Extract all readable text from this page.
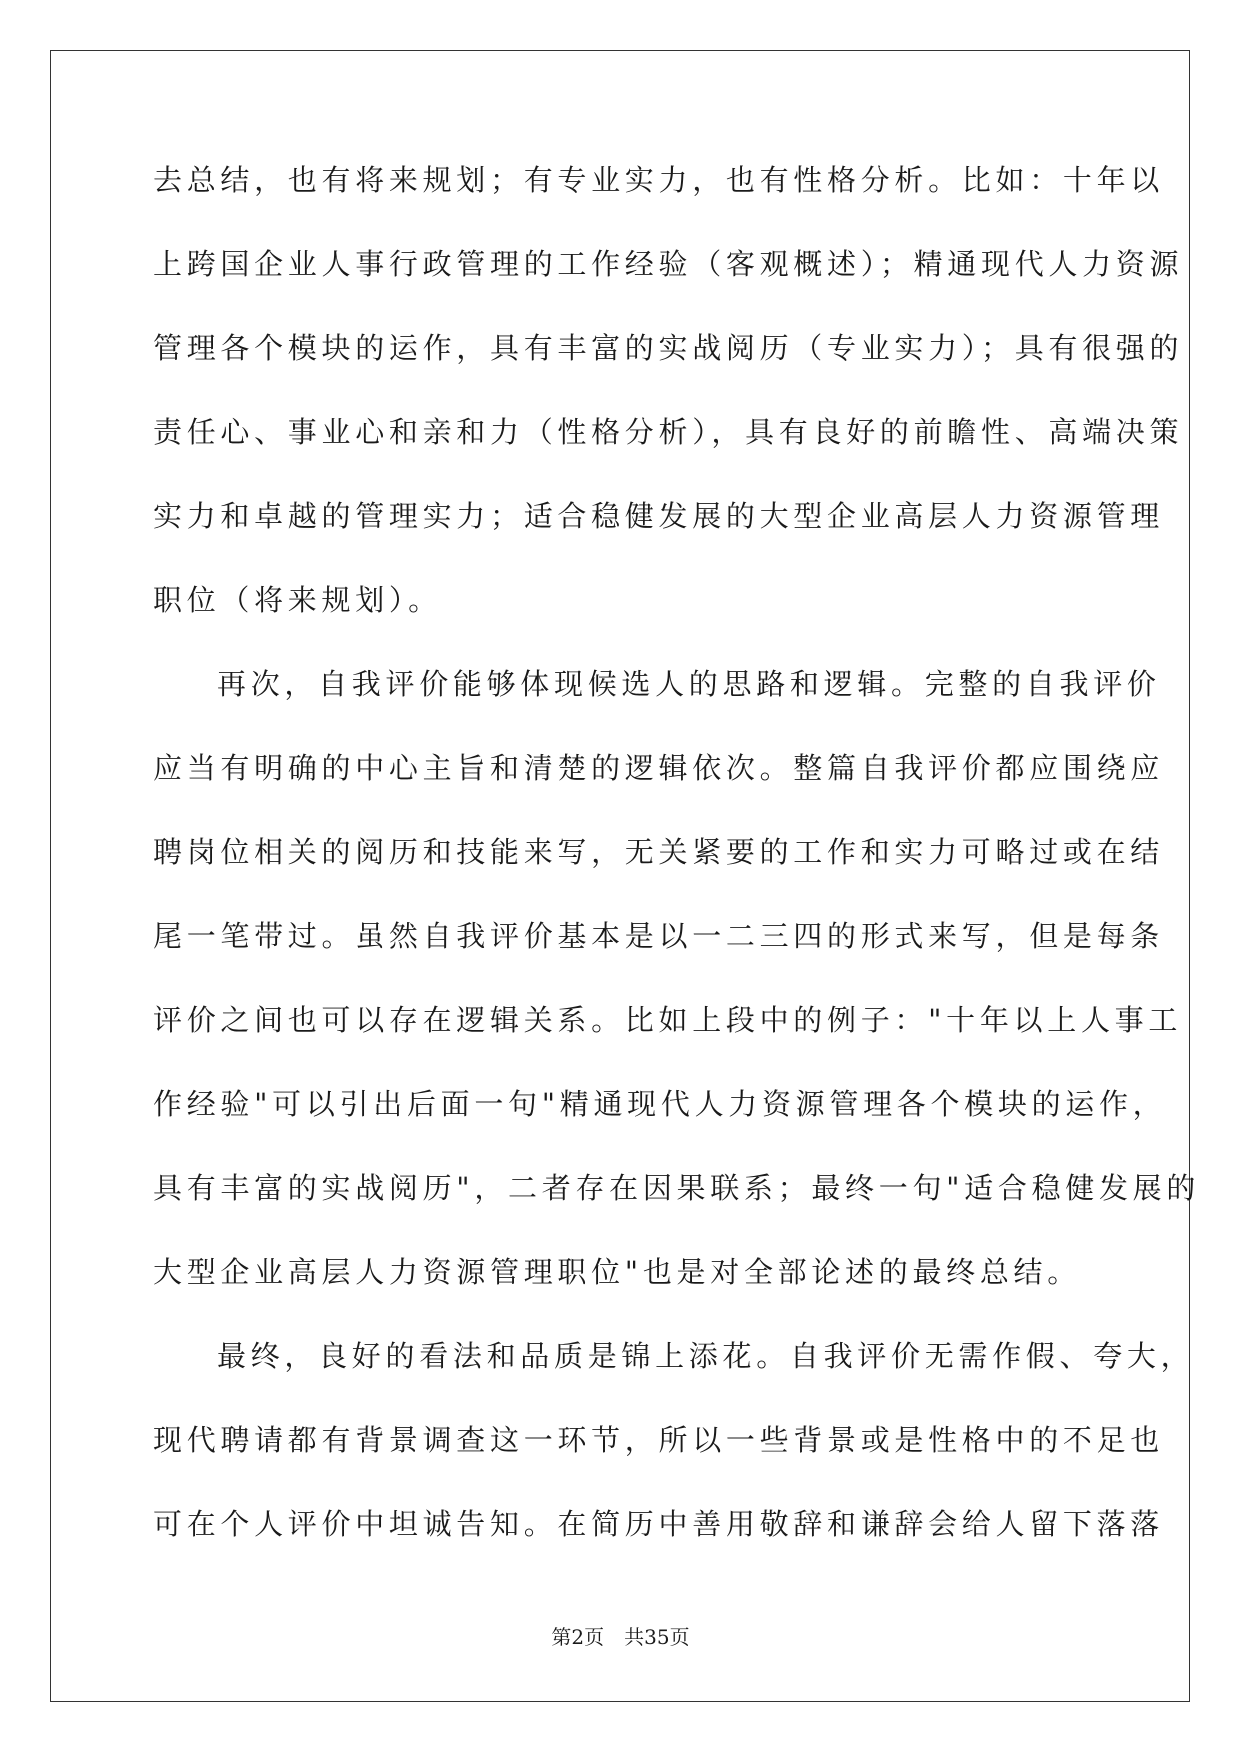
去总结，也有将来规划；有专业实力，也有性格分析。比如：十年以
上跨国企业人事行政管理的工作经验（客观概述）；精通现代人力资源
管理各个模块的运作，具有丰富的实战阅历（专业实力）；具有很强的
责任心、事业心和亲和力（性格分析），具有良好的前瞻性、高端决策
实力和卓越的管理实力；适合稳健发展的大型企业高层人力资源管理
职位（将来规划）。
再次，自我评价能够体现候选人的思路和逻辑。完整的自我评价
应当有明确的中心主旨和清楚的逻辑依次。整篇自我评价都应围绕应
聘岗位相关的阅历和技能来写，无关紧要的工作和实力可略过或在结
尾一笔带过。虽然自我评价基本是以一二三四的形式来写，但是每条
评价之间也可以存在逻辑关系。比如上段中的例子："十年以上人事工
作经验"可以引出后面一句"精通现代人力资源管理各个模块的运作，
具有丰富的实战阅历"，二者存在因果联系；最终一句"适合稳健发展的
大型企业高层人力资源管理职位"也是对全部论述的最终总结。
最终，良好的看法和品质是锦上添花。自我评价无需作假、夸大，
现代聘请都有背景调查这一环节，所以一些背景或是性格中的不足也
可在个人评价中坦诚告知。在简历中善用敬辞和谦辞会给人留下落落
第2页 共35页
